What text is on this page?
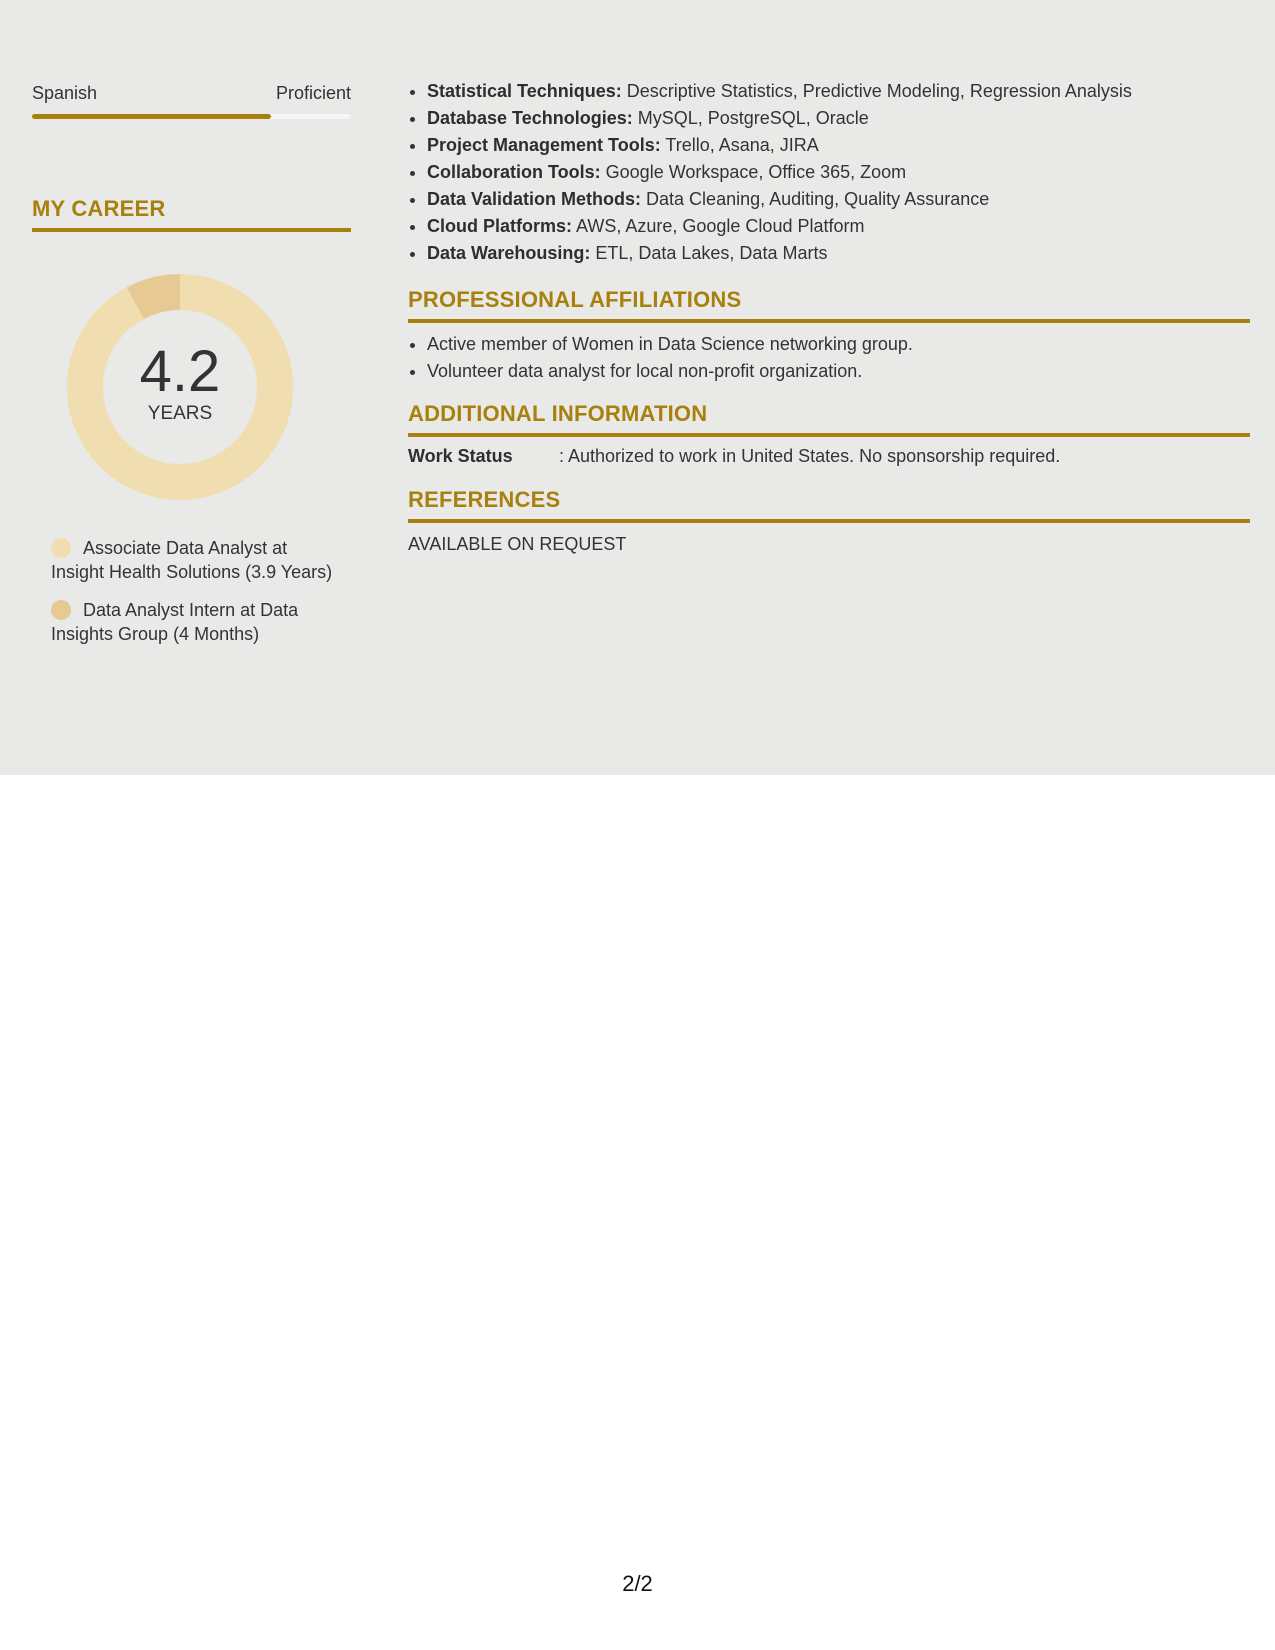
Spanish	Proficient
MY CAREER
4.2
YEARS
Associate Data Analyst at Insight Health Solutions (3.9 Years)
Data Analyst Intern at Data Insights Group (4 Months)
• Statistical Techniques: Descriptive Statistics, Predictive Modeling, Regression Analysis
• Database Technologies: MySQL, PostgreSQL, Oracle
• Project Management Tools: Trello, Asana, JIRA
• Collaboration Tools: Google Workspace, Office 365, Zoom
• Data Validation Methods: Data Cleaning, Auditing, Quality Assurance
• Cloud Platforms: AWS, Azure, Google Cloud Platform
• Data Warehousing: ETL, Data Lakes, Data Marts
PROFESSIONAL AFFILIATIONS
• Active member of Women in Data Science networking group.
• Volunteer data analyst for local non-profit organization.
ADDITIONAL INFORMATION
Work Status	: Authorized to work in United States. No sponsorship required.
REFERENCES
AVAILABLE ON REQUEST
2/2
